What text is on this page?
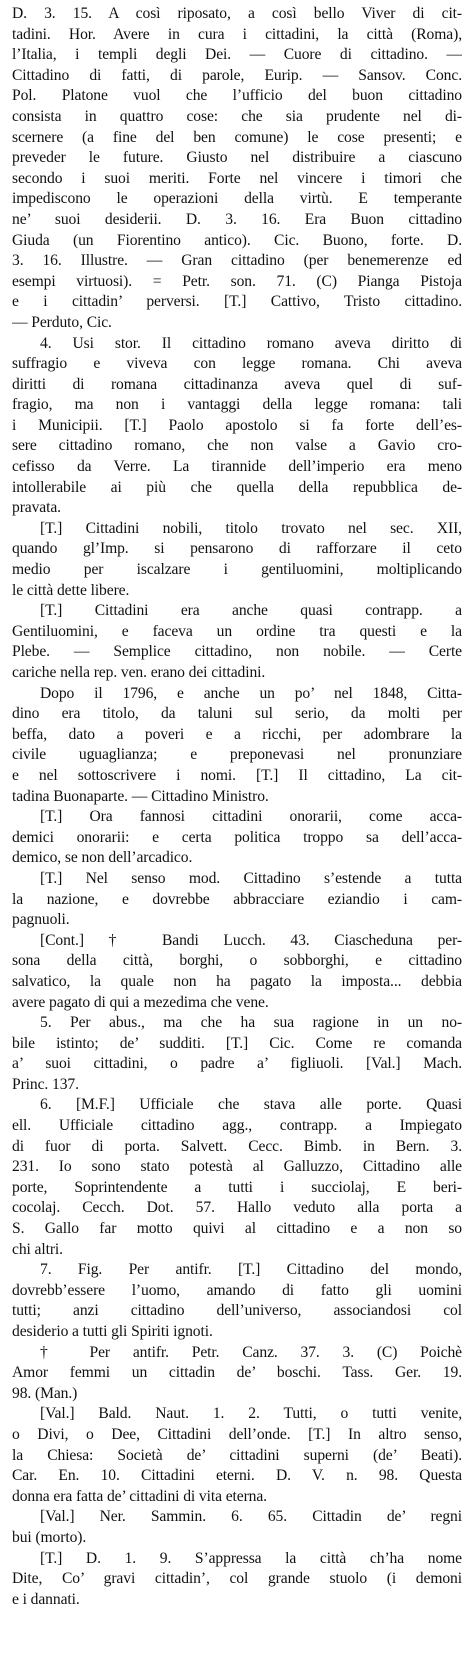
D. 3. 15. A così riposato, a così bello Viver di cit-
tadini. Hor. Avere in cura i cittadini, la città (Roma),
l’Italia, i templi degli Dei. — Cuore di cittadino. —
Cittadino di fatti, di parole, Eurip. — Sansov. Conc.
Pol. Platone vuol che l’ufficio del buon cittadino
consista in quattro cose: che sia prudente nel di-
scernere (a fine del ben comune) le cose presenti; e
preveder le future. Giusto nel distribuire a ciascuno
secondo i suoi meriti. Forte nel vincere i timori che
impediscono le operazioni della virtù. E temperante
ne’ suoi desiderii. D. 3. 16. Era Buon cittadino
Giuda (un Fiorentino antico). Cic. Buono, forte. D.
3. 16. Illustre. — Gran cittadino (per benemerenze ed
esempi virtuosi). = Petr. son. 71. (C) Pianga Pistoja
e i cittadin’ perversi. [T.] Cattivo, Tristo cittadino.
— Perduto, Cic.
4. Usi stor. Il cittadino romano aveva diritto di
suffragio e viveva con legge romana. Chi aveva
diritti di romana cittadinanza aveva quel di suf-
fragio, ma non i vantaggi della legge romana: tali
i Municipii. [T.] Paolo apostolo si fa forte dell’es-
sere cittadino romano, che non valse a Gavio cro-
cefisso da Verre. La tirannide dell’imperio era meno
intollerabile ai più che quella della repubblica de-
pravata.
[T.] Cittadini nobili, titolo trovato nel sec. XII,
quando gl’Imp. si pensarono di rafforzare il ceto
medio per iscalzare i gentiluomini, moltiplicando
le città dette libere.
[T.] Cittadini era anche quasi contrapp. a
Gentiluomini, e faceva un ordine tra questi e la
Plebe. — Semplice cittadino, non nobile. — Certe
cariche nella rep. ven. erano dei cittadini.
Dopo il 1796, e anche un po’ nel 1848, Citta-
dino era titolo, da taluni sul serio, da molti per
beffa, dato a poveri e a ricchi, per adombrare la
civile uguaglianza; e preponevasi nel pronunziare
e nel sottoscrivere i nomi. [T.] Il cittadino, La cit-
tadina Buonaparte. — Cittadino Ministro.
[T.] Ora fannosi cittadini onorarii, come acca-
demici onorarii: e certa politica troppo sa dell’acca-
demico, se non dell’arcadico.
[T.] Nel senso mod. Cittadino s’estende a tutta
la nazione, e dovrebbe abbracciare eziandio i cam-
pagnuoli.
[Cont.] † Bandi Lucch. 43. Ciascheduna per-
sona della città, borghi, o sobborghi, e cittadino
salvatico, la quale non ha pagato la imposta... debbia
avere pagato di qui a mezedima che vene.
5. Per abus., ma che ha sua ragione in un no-
bile istinto; de’ sudditi. [T.] Cic. Come re comanda
a’ suoi cittadini, o padre a’ figliuoli. [Val.] Mach.
Princ. 137.
6. [M.F.] Ufficiale che stava alle porte. Quasi
ell. Ufficiale cittadino agg., contrapp. a Impiegato
di fuor di porta. Salvett. Cecc. Bimb. in Bern. 3.
231. Io sono stato potestà al Galluzzo, Cittadino alle
porte, Soprintendente a tutti i succiolaj, E beri-
cocolaj. Cecch. Dot. 57. Hallo veduto alla porta a
S. Gallo far motto quivi al cittadino e a non so
chi altri.
7. Fig. Per antifr. [T.] Cittadino del mondo,
dovrebb’essere l’uomo, amando di fatto gli uomini
tutti; anzi cittadino dell’universo, associandosi col
desiderio a tutti gli Spiriti ignoti.
† Per antifr. Petr. Canz. 37. 3. (C) Poichè
Amor femmi un cittadin de’ boschi. Tass. Ger. 19.
98. (Man.)
[Val.] Bald. Naut. 1. 2. Tutti, o tutti venite,
o Divi, o Dee, Cittadini dell’onde. [T.] In altro senso,
la Chiesa: Società de’ cittadini superni (de’ Beati).
Car. En. 10. Cittadini eterni. D. V. n. 98. Questa
donna era fatta de’ cittadini di vita eterna.
[Val.] Ner. Sammin. 6. 65. Cittadin de’ regni
bui (morto).
[T.] D. 1. 9. S’appressa la città ch’ha nome
Dite, Co’ gravi cittadin’, col grande stuolo (i demoni
e i dannati.
